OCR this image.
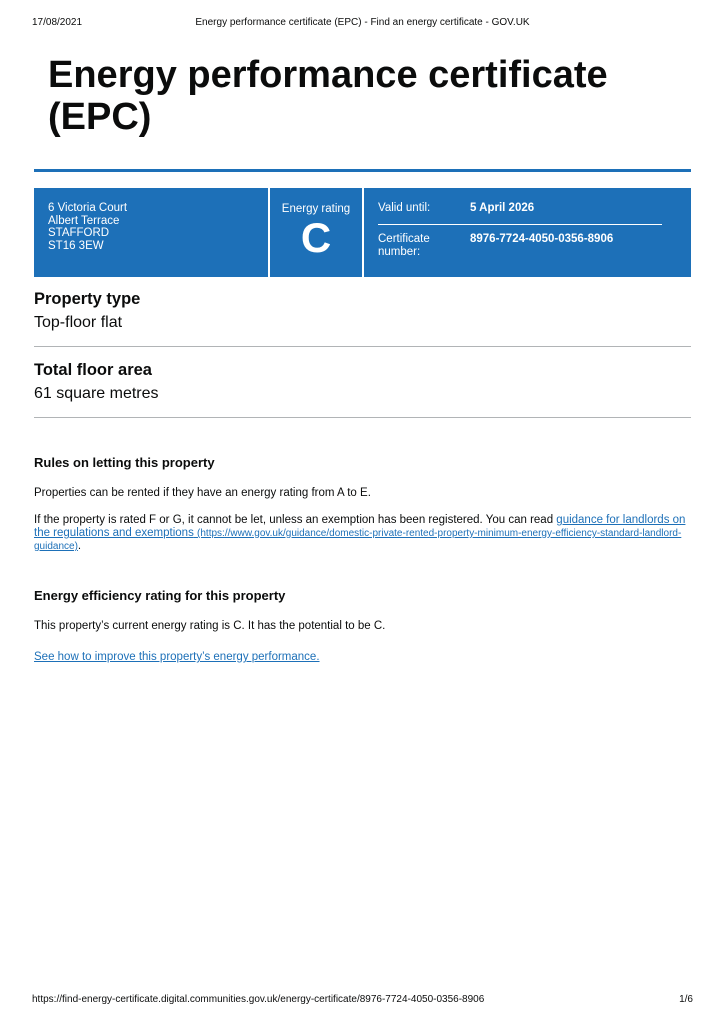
17/08/2021	Energy performance certificate (EPC) - Find an energy certificate - GOV.UK
Energy performance certificate (EPC)
6 Victoria Court
Albert Terrace
STAFFORD
ST16 3EW
Energy rating
C
Valid until:	5 April 2026
Certificate number:
8976-7724-4050-0356-8906
Property type
Top-floor flat
Total floor area
61 square metres
Rules on letting this property

Properties can be rented if they have an energy rating from A to E.

If the property is rated F or G, it cannot be let, unless an exemption has been registered. You can read guidance for landlords on the regulations and exemptions (https://www.gov.uk/guidance/domestic-private-rented-property-minimum-energy-efficiency-standard-landlord-guidance).

Energy efficiency rating for this property

This property’s current energy rating is C. It has the potential to be C.

See how to improve this property’s energy performance.

https://find-energy-certificate.digital.communities.gov.uk/energy-certificate/8976-7724-4050-0356-8906	1/6
